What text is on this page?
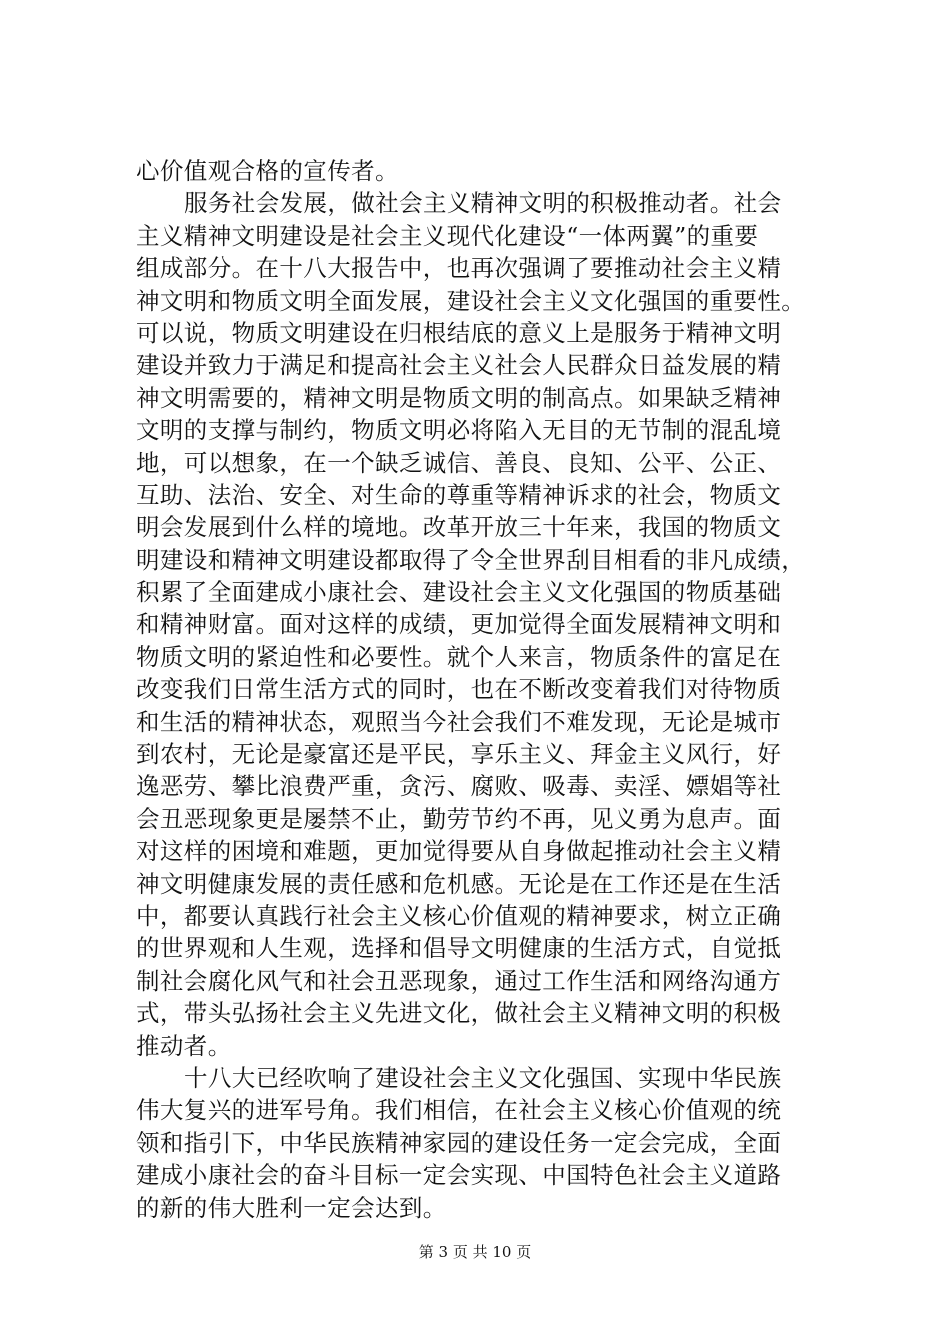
心价值观合格的宣传者。
服务社会发展，做社会主义精神文明的积极推动者。社会
主义精神文明建设是社会主义现代化建设“一体两翼”的重要
组成部分。在十八大报告中，也再次强调了要推动社会主义精
神文明和物质文明全面发展，建设社会主义文化强国的重要性。
可以说，物质文明建设在归根结底的意义上是服务于精神文明
建设并致力于满足和提高社会主义社会人民群众日益发展的精
神文明需要的，精神文明是物质文明的制高点。如果缺乏精神
文明的支撑与制约，物质文明必将陷入无目的无节制的混乱境
地，可以想象，在一个缺乏诚信、善良、良知、公平、公正、
互助、法治、安全、对生命的尊重等精神诉求的社会，物质文
明会发展到什么样的境地。改革开放三十年来，我国的物质文
明建设和精神文明建设都取得了令全世界刮目相看的非凡成绩，
积累了全面建成小康社会、建设社会主义文化强国的物质基础
和精神财富。面对这样的成绩，更加觉得全面发展精神文明和
物质文明的紧迫性和必要性。就个人来言，物质条件的富足在
改变我们日常生活方式的同时，也在不断改变着我们对待物质
和生活的精神状态，观照当今社会我们不难发现，无论是城市
到农村，无论是豪富还是平民，享乐主义、拜金主义风行，好
逸恶劳、攀比浪费严重，贪污、腐败、吸毒、卖淫、嫖娼等社
会丑恶现象更是屡禁不止，勤劳节约不再，见义勇为息声。面
对这样的困境和难题，更加觉得要从自身做起推动社会主义精
神文明健康发展的责任感和危机感。无论是在工作还是在生活
中，都要认真践行社会主义核心价值观的精神要求，树立正确
的世界观和人生观，选择和倡导文明健康的生活方式，自觉抵
制社会腐化风气和社会丑恶现象，通过工作生活和网络沟通方
式，带头弘扬社会主义先进文化，做社会主义精神文明的积极
推动者。
十八大已经吹响了建设社会主义文化强国、实现中华民族
伟大复兴的进军号角。我们相信，在社会主义核心价值观的统
领和指引下，中华民族精神家园的建设任务一定会完成，全面
建成小康社会的奋斗目标一定会实现、中国特色社会主义道路
的新的伟大胜利一定会达到。
第 3 页 共 10 页
